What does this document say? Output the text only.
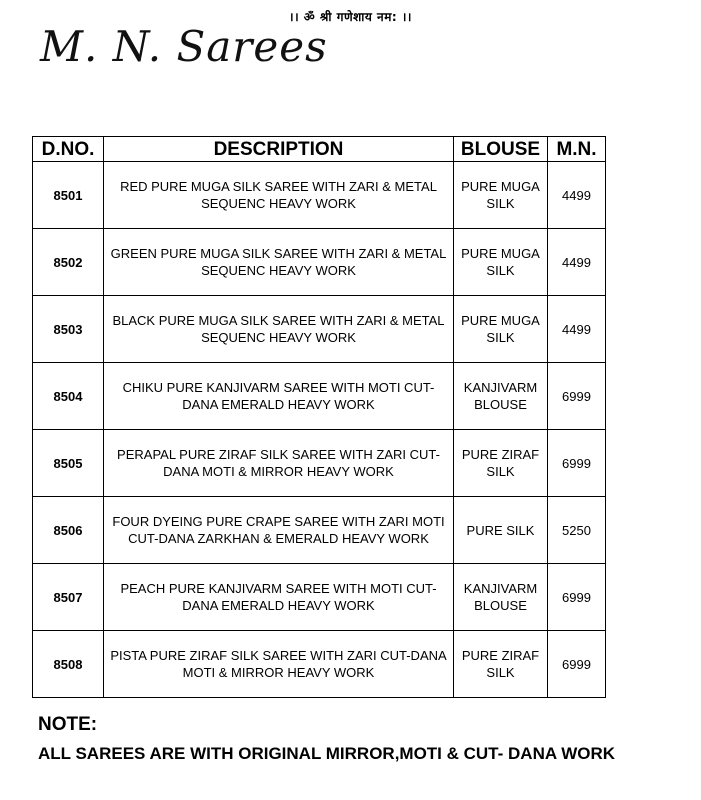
।। ॐ श्री गणेशाय नम: ।।
M. N. Sarees
D.NO.	DESCRIPTION	BLOUSE	M.N.
8501	RED PURE MUGA SILK SAREE WITH ZARI & METAL SEQUENC HEAVY WORK	PURE MUGA SILK	4499
8502	GREEN PURE MUGA SILK SAREE WITH ZARI & METAL SEQUENC HEAVY WORK	PURE MUGA SILK	4499
8503	BLACK PURE MUGA SILK SAREE WITH ZARI & METAL SEQUENC HEAVY WORK	PURE MUGA SILK	4499
8504	CHIKU PURE KANJIVARM SAREE WITH MOTI CUT-DANA EMERALD HEAVY WORK	KANJIVARM BLOUSE	6999
8505	PERAPAL PURE ZIRAF SILK SAREE WITH ZARI CUT-DANA MOTI & MIRROR HEAVY WORK	PURE ZIRAF SILK	6999
8506	FOUR DYEING PURE CRAPE SAREE WITH ZARI MOTI CUT-DANA ZARKHAN & EMERALD HEAVY WORK	PURE SILK	5250
8507	PEACH PURE KANJIVARM SAREE WITH MOTI CUT-DANA EMERALD HEAVY WORK	KANJIVARM BLOUSE	6999
8508	PISTA PURE ZIRAF SILK SAREE WITH ZARI CUT-DANA MOTI & MIRROR HEAVY WORK	PURE ZIRAF SILK	6999
NOTE:
ALL SAREES ARE WITH ORIGINAL MIRROR,MOTI & CUT- DANA WORK
